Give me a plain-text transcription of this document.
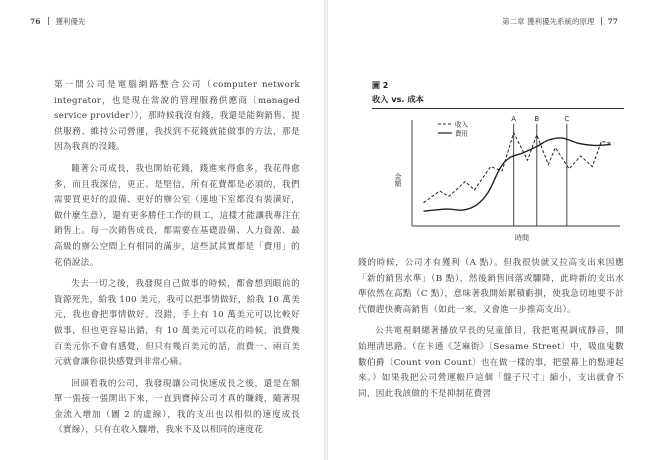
76 獲利優先

第一間公司是電腦網路整合公司（computer network integrator，也是現在常說的管理服務供應商〔managed service provider〕），那時候我沒有錢，我還是能夠銷售、提供服務、維持公司營運，我找到不花錢就能做事的方法，那是因為我真的沒錢。

隨著公司成長，我也開始花錢，錢進來得愈多，我花得愈多，而且我深信，更正、是堅信，所有花費都是必須的，我們需要買更好的設備、更好的辦公室（連地下室都沒有裝潢好，做什麼生意），還有更多勝任工作的員工，這樣才能讓我專注在銷售上。每一次銷售成長，都需要在基礎設備、人力資源、最高級的辦公空間上有相同的滿步，這些試其實都是「費用」的花俏說法。

失去一切之後，我發現自己做事的時候，都會想到眼前的資源死先，給我 100 美元，我可以把事情做好，給我 10 萬美元，我也會把事情做好。沒錯，手上有 10 萬美元可以比較好做事，但也更容易出錯，有 10 萬美元可以花的時候，浪費幾百美元你不會有感覺，但只有幾百美元的話，浪費一、兩百美元就會讓你很快感覺到非常心痛。

回頭看我的公司，我發現讓公司快速成長之後，還是在額單一張接一張開出下來，一直到寶掉公司才真的賺錢，隨著現金流入增加（圖 2 的虛線），我的支出也以相似的速度成長（實線），只有在收入驟增，我來不及以相同的速度花

第二章 獲利優先系統的原理 77
圖 2
收入 vs. 成本
A	B	C
收入
費用
金額
時間

錢的時候，公司才有獲利（A 點）。但我很快就又拉高支出來因應「新的銷售水準」（B 點），然後銷售回落或驟降，此時新的支出水準依然在高點（C 點），意味著我開始累積虧損，使我急切地要不計代價趕快衝高銷售（如此一來，又會進一步推高支出）。

公共電視網總著播放早長的兒童節目，我把電視調成靜音，開始理清思路。（在卡通《芝麻街》〔Sesame Street〕中，吸血鬼數數伯爵〔Count von Count〕也在做一樣的事，把螢幕上的點連起來。）如果我把公司營運帳戶這個「盤子尺寸」縮小，支出就會不同，因此我該做的不是抑制花費習
